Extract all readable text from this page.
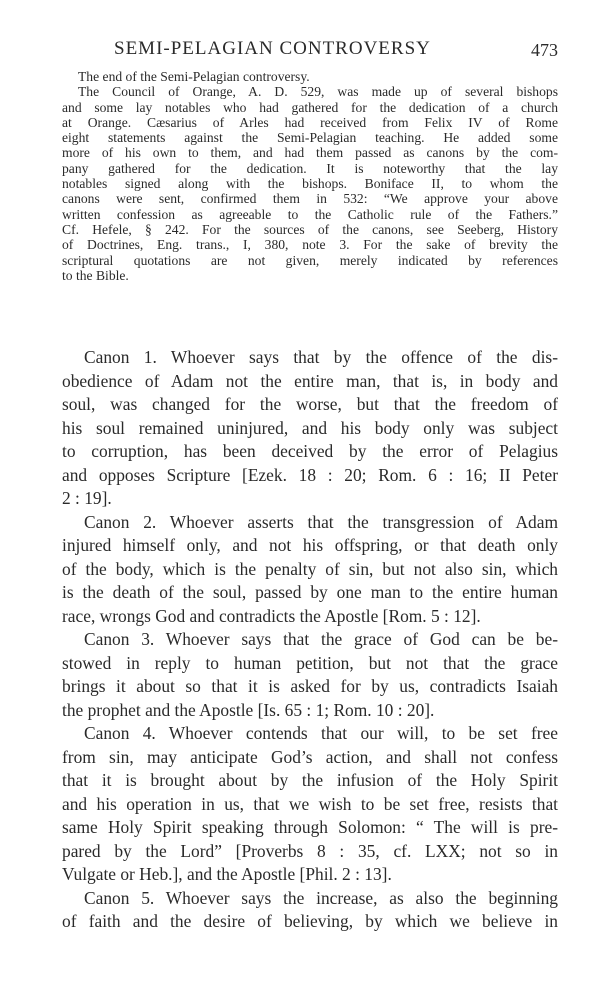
SEMI-PELAGIAN CONTROVERSY	473
The end of the Semi-Pelagian controversy.
The Council of Orange, A. D. 529, was made up of several bishops
and some lay notables who had gathered for the dedication of a church
at Orange. Cæsarius of Arles had received from Felix IV of Rome
eight statements against the Semi-Pelagian teaching. He added some
more of his own to them, and had them passed as canons by the com-
pany gathered for the dedication. It is noteworthy that the lay
notables signed along with the bishops. Boniface II, to whom the
canons were sent, confirmed them in 532: “We approve your above
written confession as agreeable to the Catholic rule of the Fathers.”
Cf. Hefele, § 242. For the sources of the canons, see Seeberg, History
of Doctrines, Eng. trans., I, 380, note 3. For the sake of brevity the
scriptural quotations are not given, merely indicated by references
to the Bible.
Canon 1. Whoever says that by the offence of the dis-
obedience of Adam not the entire man, that is, in body and
soul, was changed for the worse, but that the freedom of
his soul remained uninjured, and his body only was subject
to corruption, has been deceived by the error of Pelagius
and opposes Scripture [Ezek. 18 : 20; Rom. 6 : 16; II Peter
2 : 19].
Canon 2. Whoever asserts that the transgression of Adam
injured himself only, and not his offspring, or that death only
of the body, which is the penalty of sin, but not also sin, which
is the death of the soul, passed by one man to the entire human
race, wrongs God and contradicts the Apostle [Rom. 5 : 12].
Canon 3. Whoever says that the grace of God can be be-
stowed in reply to human petition, but not that the grace
brings it about so that it is asked for by us, contradicts Isaiah
the prophet and the Apostle [Is. 65 : 1; Rom. 10 : 20].
Canon 4. Whoever contends that our will, to be set free
from sin, may anticipate God’s action, and shall not confess
that it is brought about by the infusion of the Holy Spirit
and his operation in us, that we wish to be set free, resists that
same Holy Spirit speaking through Solomon: “ The will is pre-
pared by the Lord” [Proverbs 8 : 35, cf. LXX; not so in
Vulgate or Heb.], and the Apostle [Phil. 2 : 13].
Canon 5. Whoever says the increase, as also the beginning
of faith and the desire of believing, by which we believe in
